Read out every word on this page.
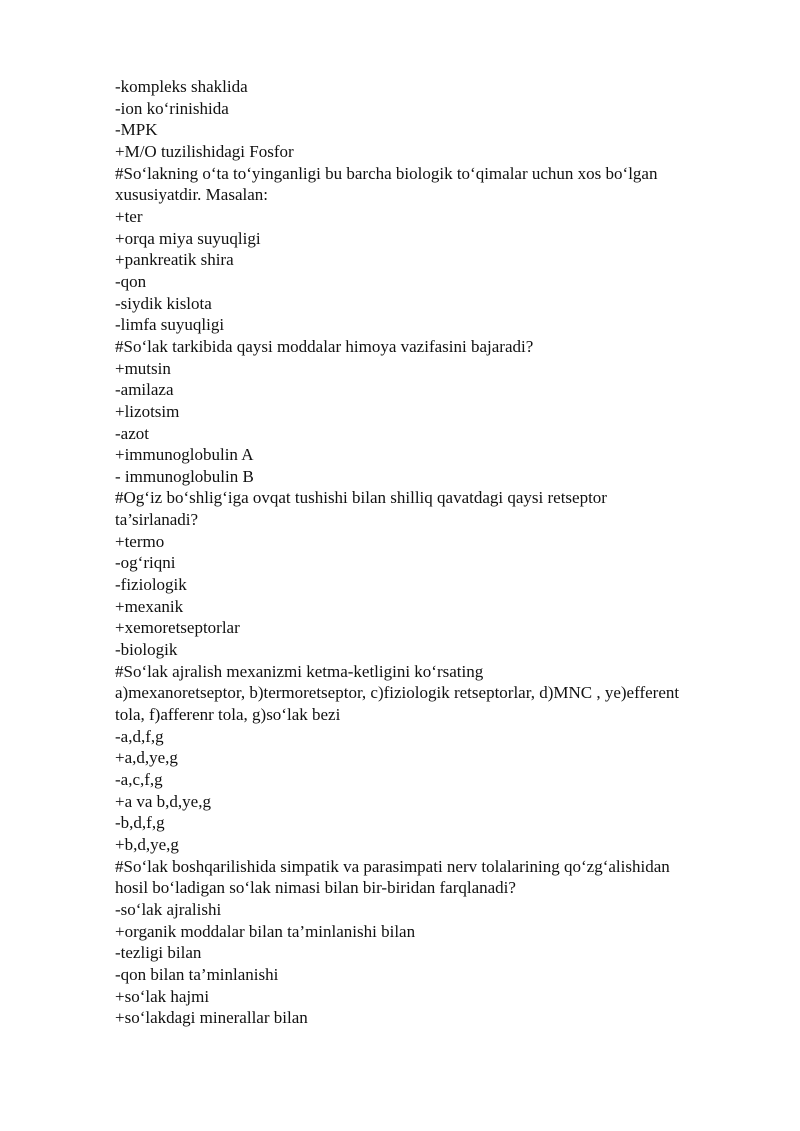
-kompleks shaklida
-ion koʻrinishida
-MPK
+M/O tuzilishidagi Fosfor
#Soʻlakning oʻta toʻyinganligi bu barcha biologik toʻqimalar uchun xos boʻlgan
xususiyatdir. Masalan:
+ter
+orqa miya suyuqligi
+pankreatik shira
-qon
-siydik kislota
-limfa suyuqligi
#Soʻlak tarkibida qaysi moddalar himoya vazifasini bajaradi?
+mutsin
-amilaza
+lizotsim
-azot
+immunoglobulin A
- immunoglobulin B
#Ogʻiz boʻshligʻiga ovqat tushishi bilan shilliq qavatdagi qaysi retseptor
ta’sirlanadi?
+termo
-ogʻriqni
-fiziologik
+mexanik
+xemoretseptorlar
-biologik
#Soʻlak ajralish mexanizmi ketma-ketligini koʻrsating
a)mexanoretseptor, b)termoretseptor, c)fiziologik retseptorlar, d)MNC , ye)efferent
tola, f)afferenr tola, g)soʻlak bezi
-a,d,f,g
+a,d,ye,g
-a,c,f,g
+a va b,d,ye,g
-b,d,f,g
+b,d,ye,g
#Soʻlak boshqarilishida simpatik va parasimpati nerv tolalarining qoʻzgʻalishidan
hosil boʻladigan soʻlak nimasi bilan bir-biridan farqlanadi?
-soʻlak ajralishi
+organik moddalar bilan ta’minlanishi bilan
-tezligi bilan
-qon bilan ta’minlanishi
+soʻlak hajmi
+soʻlakdagi minerallar bilan
